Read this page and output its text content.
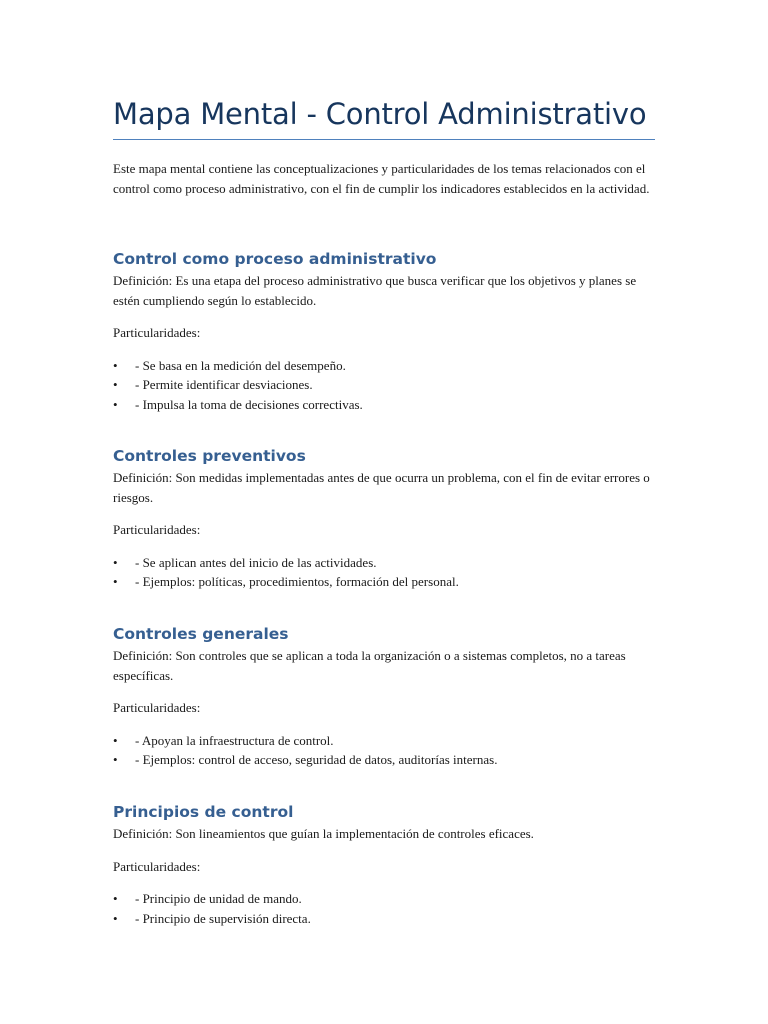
Mapa Mental - Control Administrativo

Este mapa mental contiene las conceptualizaciones y particularidades de los temas relacionados con el control como proceso administrativo, con el fin de cumplir los indicadores establecidos en la actividad.

Control como proceso administrativo

Definición: Es una etapa del proceso administrativo que busca verificar que los objetivos y planes se estén cumpliendo según lo establecido.

Particularidades:

• - Se basa en la medición del desempeño.
• - Permite identificar desviaciones.
• - Impulsa la toma de decisiones correctivas.
Controles preventivos

Definición: Son medidas implementadas antes de que ocurra un problema, con el fin de evitar errores o riesgos.

Particularidades:

• - Se aplican antes del inicio de las actividades.
• - Ejemplos: políticas, procedimientos, formación del personal.
Controles generales

Definición: Son controles que se aplican a toda la organización o a sistemas completos, no a tareas específicas.

Particularidades:

• - Apoyan la infraestructura de control.
• - Ejemplos: control de acceso, seguridad de datos, auditorías internas.
Principios de control

Definición: Son lineamientos que guían la implementación de controles eficaces.

Particularidades:

• - Principio de unidad de mando.
• - Principio de supervisión directa.
